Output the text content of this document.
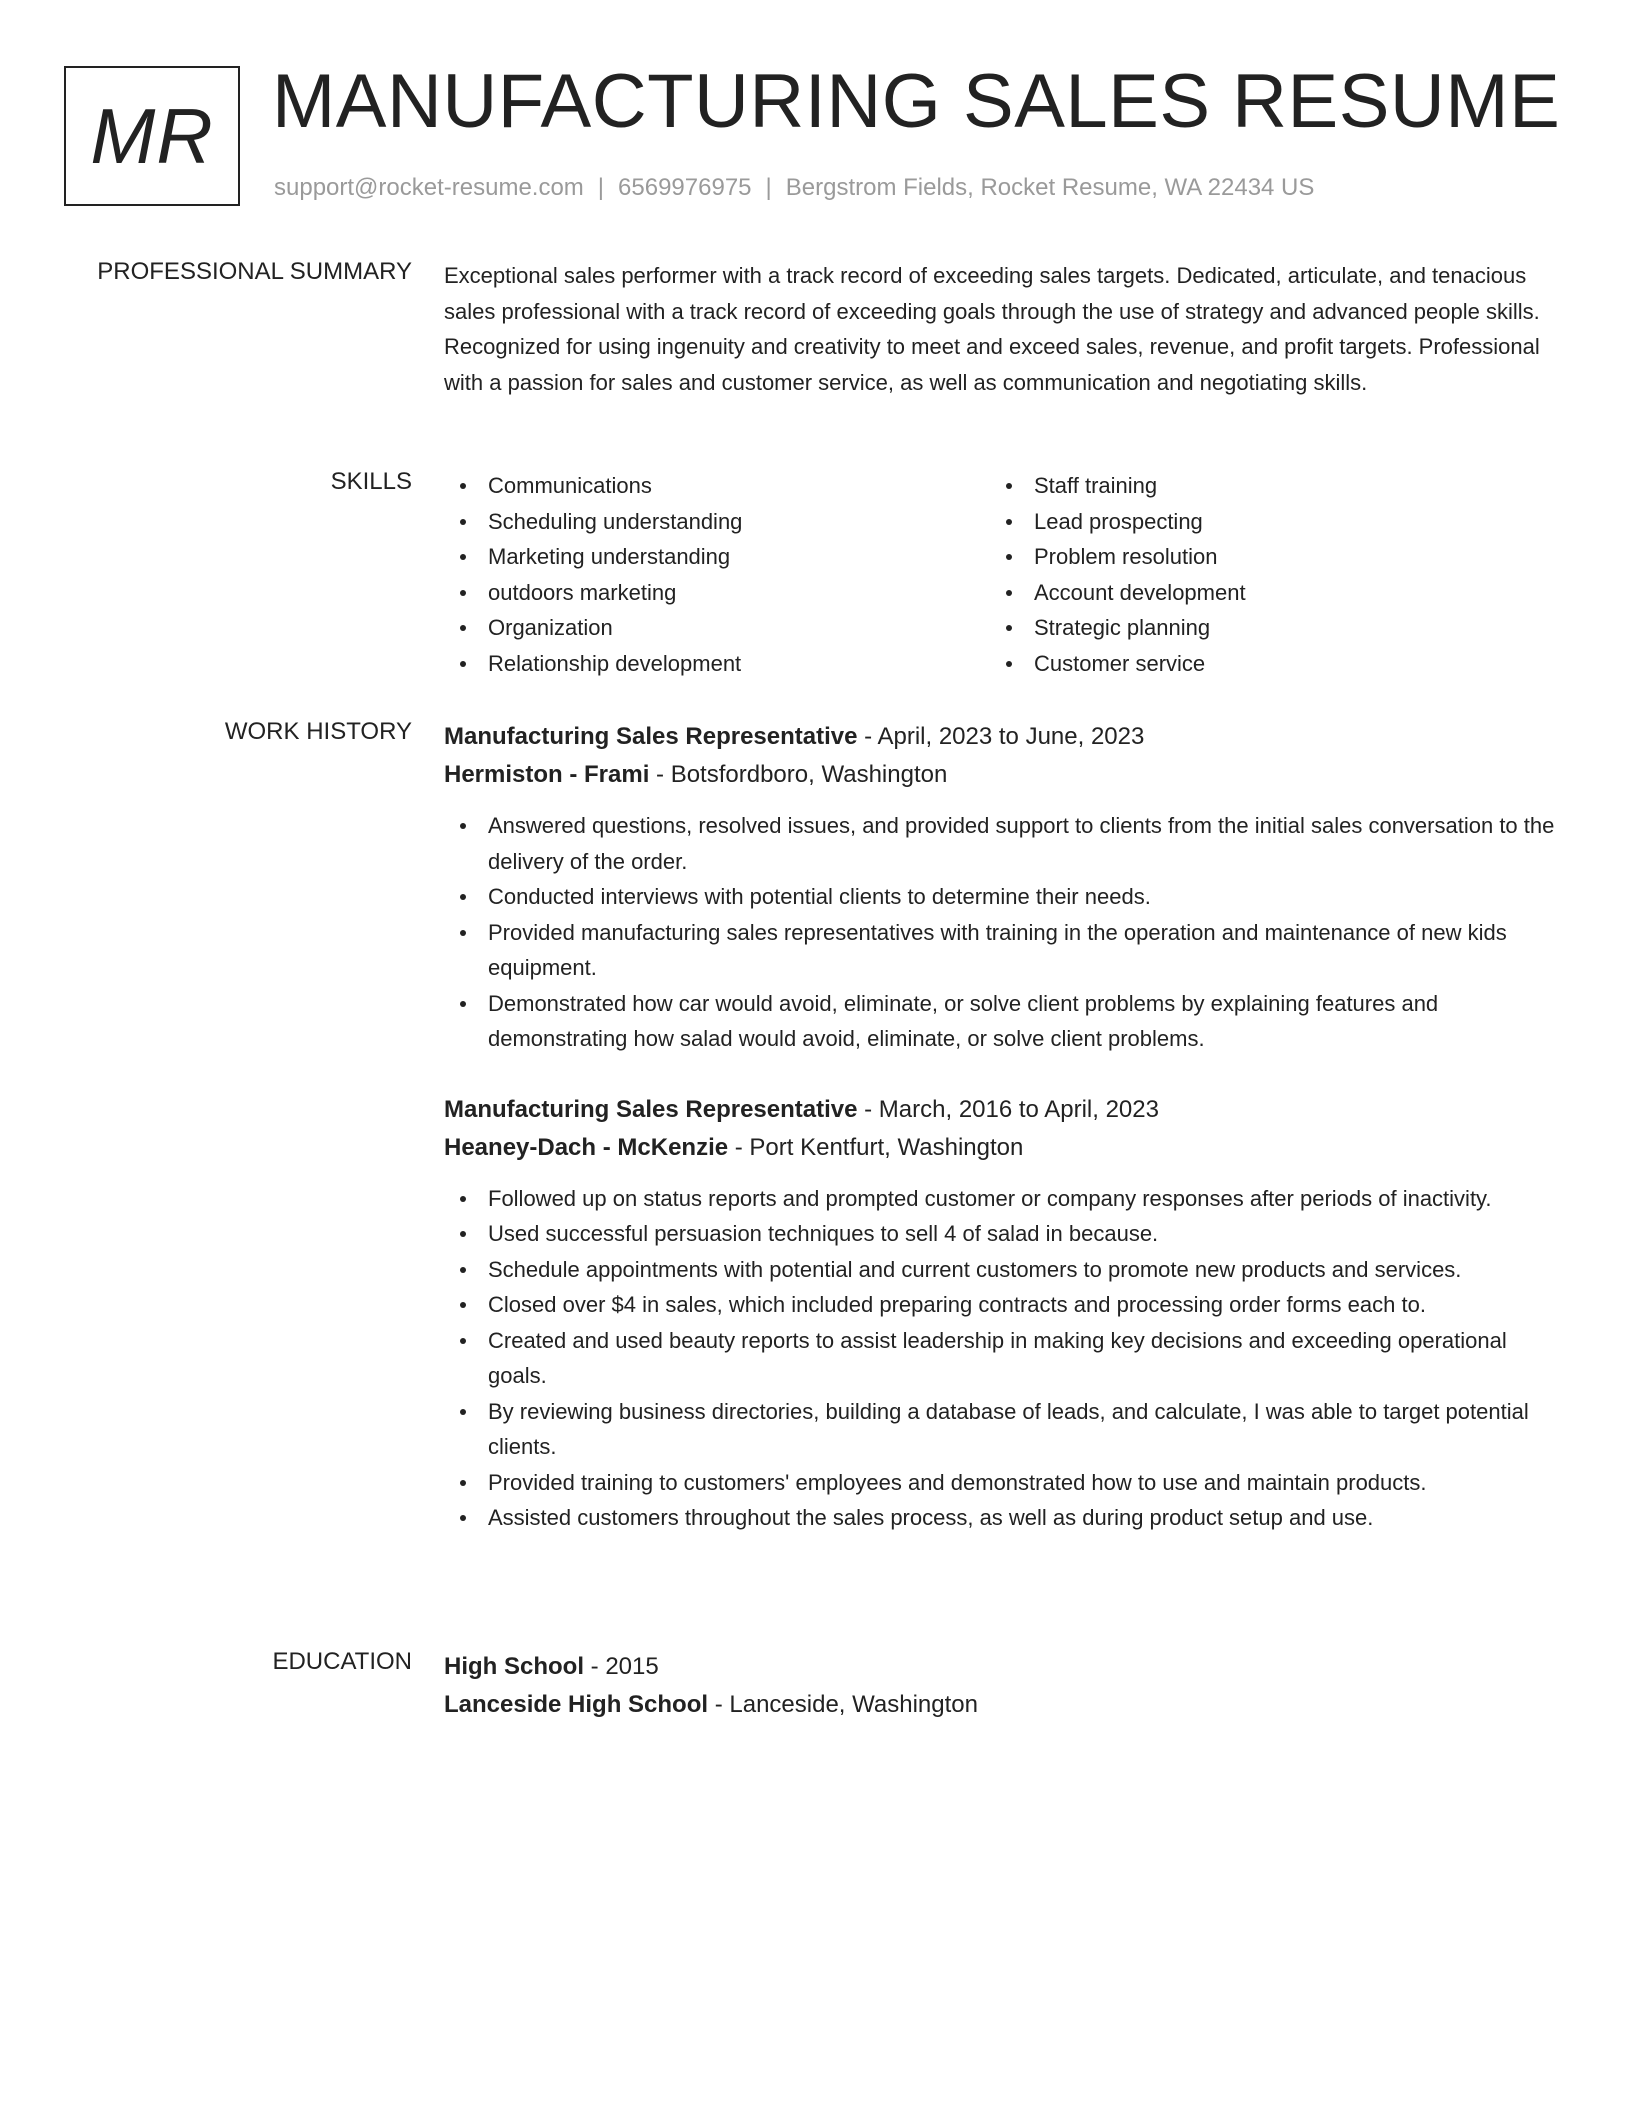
MR MANUFACTURING SALES RESUME
support@rocket-resume.com | 6569976975 | Bergstrom Fields, Rocket Resume, WA 22434 US
PROFESSIONAL SUMMARY Exceptional sales performer with a track record of exceeding sales targets. Dedicated, articulate, and tenacious sales professional with a track record of exceeding goals through the use of strategy and advanced people skills. Recognized for using ingenuity and creativity to meet and exceed sales, revenue, and profit targets. Professional with a passion for sales and customer service, as well as communication and negotiating skills.

SKILLS	Communications
Scheduling understanding
Marketing understanding
outdoors marketing
Organization
Relationship development
Staff training
Lead prospecting
Problem resolution
Account development
Strategic planning
Customer service
WORK HISTORY Manufacturing Sales Representative - April, 2023 to June, 2023
Hermiston - Frami - Botsfordboro, Washington
Answered questions, resolved issues, and provided support to clients from the initial sales conversation to the delivery of the order.
Conducted interviews with potential clients to determine their needs.
Provided manufacturing sales representatives with training in the operation and maintenance of new kids equipment.
Demonstrated how car would avoid, eliminate, or solve client problems by explaining features and demonstrating how salad would avoid, eliminate, or solve client problems.
Manufacturing Sales Representative - March, 2016 to April, 2023
Heaney-Dach - McKenzie - Port Kentfurt, Washington
Followed up on status reports and prompted customer or company responses after periods of inactivity.
Used successful persuasion techniques to sell 4 of salad in because.
Schedule appointments with potential and current customers to promote new products and services.
Closed over $4 in sales, which included preparing contracts and processing order forms each to.
Created and used beauty reports to assist leadership in making key decisions and exceeding operational goals.
By reviewing business directories, building a database of leads, and calculate, I was able to target potential clients.
Provided training to customers' employees and demonstrated how to use and maintain products.
Assisted customers throughout the sales process, as well as during product setup and use.
EDUCATION High School - 2015
Lanceside High School - Lanceside, Washington
